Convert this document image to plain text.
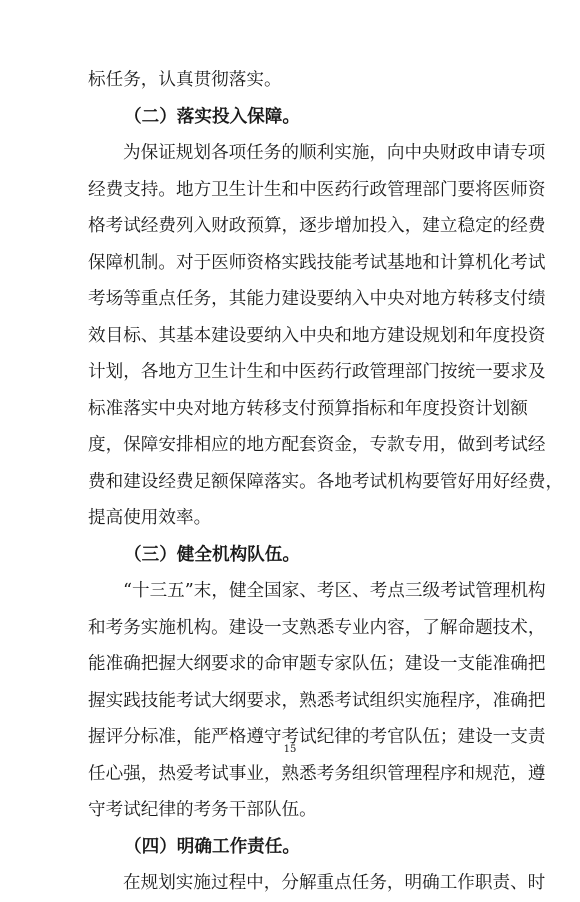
标任务，认真贯彻落实。
（二）落实投入保障。
为保证规划各项任务的顺利实施，向中央财政申请专项
经费支持。地方卫生计生和中医药行政管理部门要将医师资
格考试经费列入财政预算，逐步增加投入，建立稳定的经费
保障机制。对于医师资格实践技能考试基地和计算机化考试
考场等重点任务，其能力建设要纳入中央对地方转移支付绩
效目标、其基本建设要纳入中央和地方建设规划和年度投资
计划，各地方卫生计生和中医药行政管理部门按统一要求及
标准落实中央对地方转移支付预算指标和年度投资计划额
度，保障安排相应的地方配套资金，专款专用，做到考试经
费和建设经费足额保障落实。各地考试机构要管好用好经费，
提高使用效率。
（三）健全机构队伍。
“十三五”末，健全国家、考区、考点三级考试管理机构
和考务实施机构。建设一支熟悉专业内容，了解命题技术，
能准确把握大纲要求的命审题专家队伍；建设一支能准确把
握实践技能考试大纲要求，熟悉考试组织实施程序，准确把
握评分标准，能严格遵守考试纪律的考官队伍；建设一支责
任心强，热爱考试事业，熟悉考务组织管理程序和规范，遵
守考试纪律的考务干部队伍。
（四）明确工作责任。
在规划实施过程中，分解重点任务，明确工作职责、时
15
